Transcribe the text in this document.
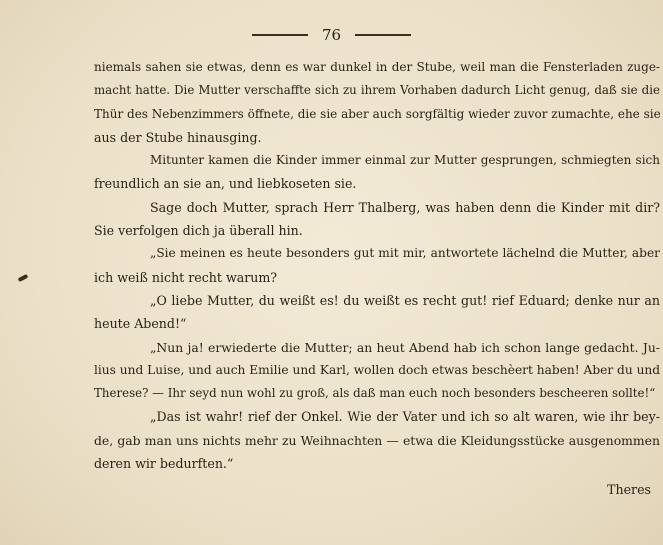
76
niemals sahen sie etwas, denn es war dunkel in der Stube, weil man die Fensterladen zuge-
macht hatte. Die Mutter verschaffte sich zu ihrem Vorhaben dadurch Licht genug, daß sie die
Thür des Nebenzimmers öffnete, die sie aber auch sorgfältig wieder zuvor zumachte, ehe sie
aus der Stube hinausging.
Mitunter kamen die Kinder immer einmal zur Mutter gesprungen, schmiegten sich
freundlich an sie an, und liebkoseten sie.
Sage doch Mutter, sprach Herr Thalberg, was haben denn die Kinder mit dir?
Sie verfolgen dich ja überall hin.
„Sie meinen es heute besonders gut mit mir, antwortete lächelnd die Mutter, aber
ich weiß nicht recht warum?
„O liebe Mutter, du weißt es! du weißt es recht gut! rief Eduard; denke nur an
heute Abend!“
„Nun ja! erwiederte die Mutter; an heut Abend hab ich schon lange gedacht. Ju-
lius und Luise, und auch Emilie und Karl, wollen doch etwas beschèert haben! Aber du und
Therese? — Ihr seyd nun wohl zu groß, als daß man euch noch besonders bescheeren sollte!“
„Das ist wahr! rief der Onkel. Wie der Vater und ich so alt waren, wie ihr bey-
de, gab man uns nichts mehr zu Weihnachten — etwa die Kleidungsstücke ausgenommen
deren wir bedurften.“
Theres
